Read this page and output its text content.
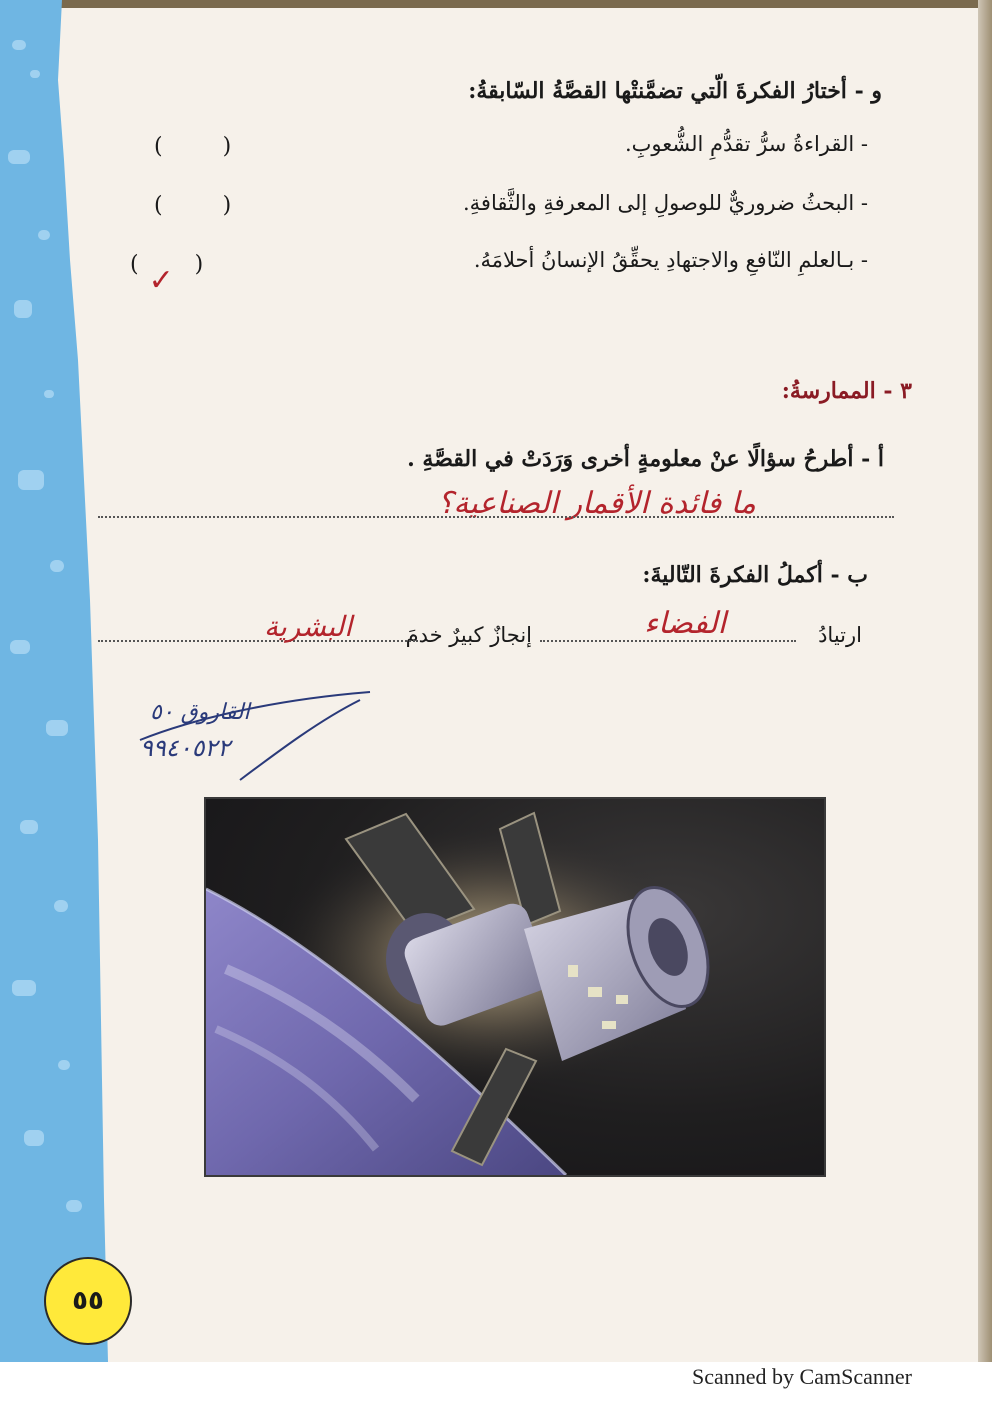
و - أختارُ الفكرةَ الّتي تضمَّنتْها القصَّةُ السّابقةُ:
- القراءةُ سرُّ تقدُّمِ الشُّعوبِ.
(	)
- البحثُ ضروريٌّ للوصولِ إلى المعرفةِ والثَّقافةِ.
(	)
- بـالعلمِ النّافعِ والاجتهادِ يحقِّقُ الإنسانُ أحلامَهُ.
( ✓ )
٣ - الممارسةُ:
أ - أطرحُ سؤالًا عنْ معلومةٍ أخرى وَرَدَتْ في القصَّةِ .
ما فائدة الأقمار الصناعية؟
ب - أكملُ الفكرةَ التّاليةَ:
ارتيادُ
الفضاء
إنجازٌ كبيرٌ خدمَ
البشرية
القاروق ٥٠
٩٩٤٠٥٢٢
٥٥
Scanned by CamScanner
